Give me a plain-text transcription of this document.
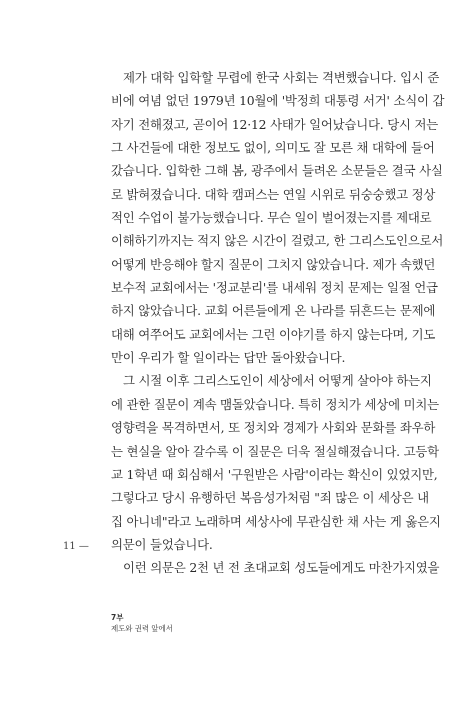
제가 대학 입학할 무렵에 한국 사회는 격변했습니다. 입시 준
비에 여념 없던 1979년 10월에 '박정희 대통령 서거' 소식이 갑
자기 전해졌고, 곧이어 12·12 사태가 일어났습니다. 당시 저는
그 사건들에 대한 정보도 없이, 의미도 잘 모른 채 대학에 들어
갔습니다. 입학한 그해 봄, 광주에서 들려온 소문들은 결국 사실
로 밝혀졌습니다. 대학 캠퍼스는 연일 시위로 뒤숭숭했고 정상
적인 수업이 불가능했습니다. 무슨 일이 벌어졌는지를 제대로
이해하기까지는 적지 않은 시간이 걸렸고, 한 그리스도인으로서
어떻게 반응해야 할지 질문이 그치지 않았습니다. 제가 속했던
보수적 교회에서는 '정교분리'를 내세워 정치 문제는 일절 언급
하지 않았습니다. 교회 어른들에게 온 나라를 뒤흔드는 문제에
대해 여쭈어도 교회에서는 그런 이야기를 하지 않는다며, 기도
만이 우리가 할 일이라는 답만 돌아왔습니다.
그 시절 이후 그리스도인이 세상에서 어떻게 살아야 하는지
에 관한 질문이 계속 맴돌았습니다. 특히 정치가 세상에 미치는
영향력을 목격하면서, 또 정치와 경제가 사회와 문화를 좌우하
는 현실을 알아 갈수록 이 질문은 더욱 절실해졌습니다. 고등학
교 1학년 때 회심해서 '구원받은 사람'이라는 확신이 있었지만,
그렇다고 당시 유행하던 복음성가처럼 "죄 많은 이 세상은 내
집 아니네"라고 노래하며 세상사에 무관심한 채 사는 게 옳은지
의문이 들었습니다.
이런 의문은 2천 년 전 초대교회 성도들에게도 마찬가지였을
11 —
7부
제도와 권력 앞에서
